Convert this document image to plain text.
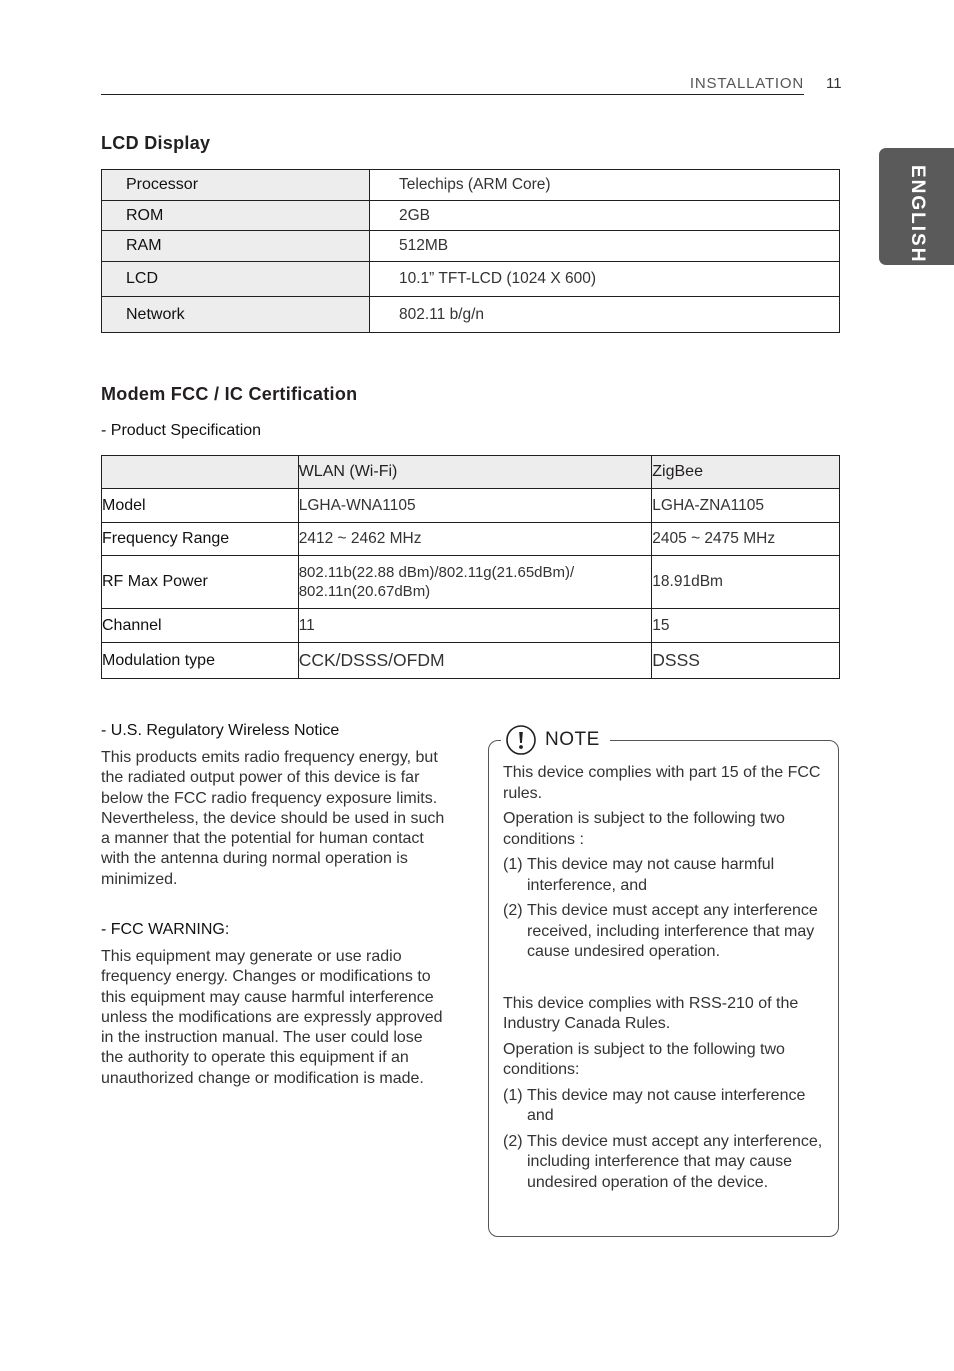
INSTALLATION 11
ENGLISH
LCD Display
Processor	Telechips (ARM Core)
ROM	2GB
RAM	512MB
LCD	10.1” TFT-LCD (1024 X 600)
Network	802.11 b/g/n
Modem FCC / IC Certification
- Product Specification
	WLAN (Wi-Fi)	ZigBee
Model	LGHA-WNA1105	LGHA-ZNA1105
Frequency Range	2412 ~ 2462 MHz	2405 ~ 2475 MHz
RF Max Power	802.11b(22.88 dBm)/802.11g(21.65dBm)/ 802.11n(20.67dBm)	18.91dBm
Channel	11	15
Modulation type	CCK/DSSS/OFDM	DSSS
- U.S. Regulatory Wireless Notice
This products emits radio frequency energy, but the radiated output power of this device is far below the FCC radio frequency exposure limits. Nevertheless, the device should be used in such a manner that the potential for human contact with the antenna during normal operation is minimized.
- FCC WARNING:
This equipment may generate or use radio frequency energy. Changes or modifications to this equipment may cause harmful interference unless the modifications are expressly approved in the instruction manual. The user could lose the authority to operate this equipment if an unauthorized change or modification is made.
NOTE

This device complies with part 15 of the FCC rules.

Operation is subject to the following two conditions :

(1) This device may not cause harmful interference, and
(2) This device must accept any interference received, including interference that may cause undesired operation.

This device complies with RSS-210 of the Industry Canada Rules.

Operation is subject to the following two conditions:

(1) This device may not cause interference and
(2) This device must accept any interference, including interference that may cause undesired operation of the device.
